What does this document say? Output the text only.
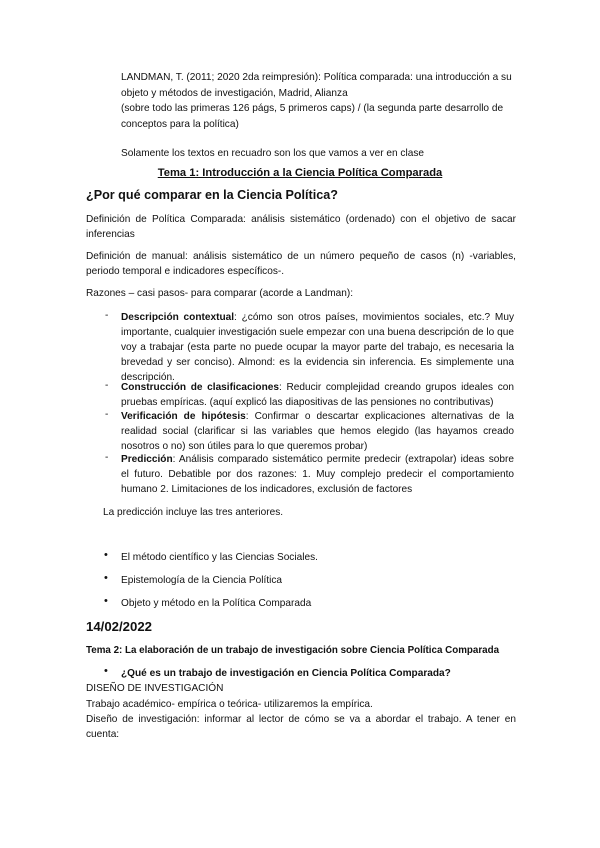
LANDMAN, T. (2011; 2020 2da reimpresión): Política comparada: una introducción a su

objeto y métodos de investigación, Madrid, Alianza

(sobre todo las primeras 126 págs, 5 primeros caps) / (la segunda parte desarrollo de

conceptos para la política)

Solamente los textos en recuadro son los que vamos a ver en clase

Tema 1: Introducción a la Ciencia Política Comparada

¿Por qué comparar en la Ciencia Política?

Definición de Política Comparada: análisis sistemático (ordenado) con el objetivo de sacar inferencias

Definición de manual: análisis sistemático de un número pequeño de casos (n) -variables, periodo temporal e indicadores específicos-.

Razones – casi pasos- para comparar (acorde a Landman):

- Descripción contextual: ¿cómo son otros países, movimientos sociales, etc.? Muy importante, cualquier investigación suele empezar con una buena descripción de lo que voy a trabajar (esta parte no puede ocupar la mayor parte del trabajo, es necesaria la brevedad y ser conciso). Almond: es la evidencia sin inferencia. Es simplemente una descripción.

- Construcción de clasificaciones: Reducir complejidad creando grupos ideales con pruebas empíricas. (aquí explicó las diapositivas de las pensiones no contributivas)

- Verificación de hipótesis: Confirmar o descartar explicaciones alternativas de la realidad social (clarificar si las variables que hemos elegido (las hayamos creado nosotros o no) son útiles para lo que queremos probar)

- Predicción: Análisis comparado sistemático permite predecir (extrapolar) ideas sobre el futuro. Debatible por dos razones: 1. Muy complejo predecir el comportamiento humano 2. Limitaciones de los indicadores, exclusión de factores

La predicción incluye las tres anteriores.

• El método científico y las Ciencias Sociales.

• Epistemología de la Ciencia Política

• Objeto y método en la Política Comparada

14/02/2022

Tema 2: La elaboración de un trabajo de investigación sobre Ciencia Política Comparada

• ¿Qué es un trabajo de investigación en Ciencia Política Comparada?

DISEÑO DE INVESTIGACIÓN

Trabajo académico- empírica o teórica- utilizaremos la empírica.

Diseño de investigación: informar al lector de cómo se va a abordar el trabajo. A tener en cuenta:
